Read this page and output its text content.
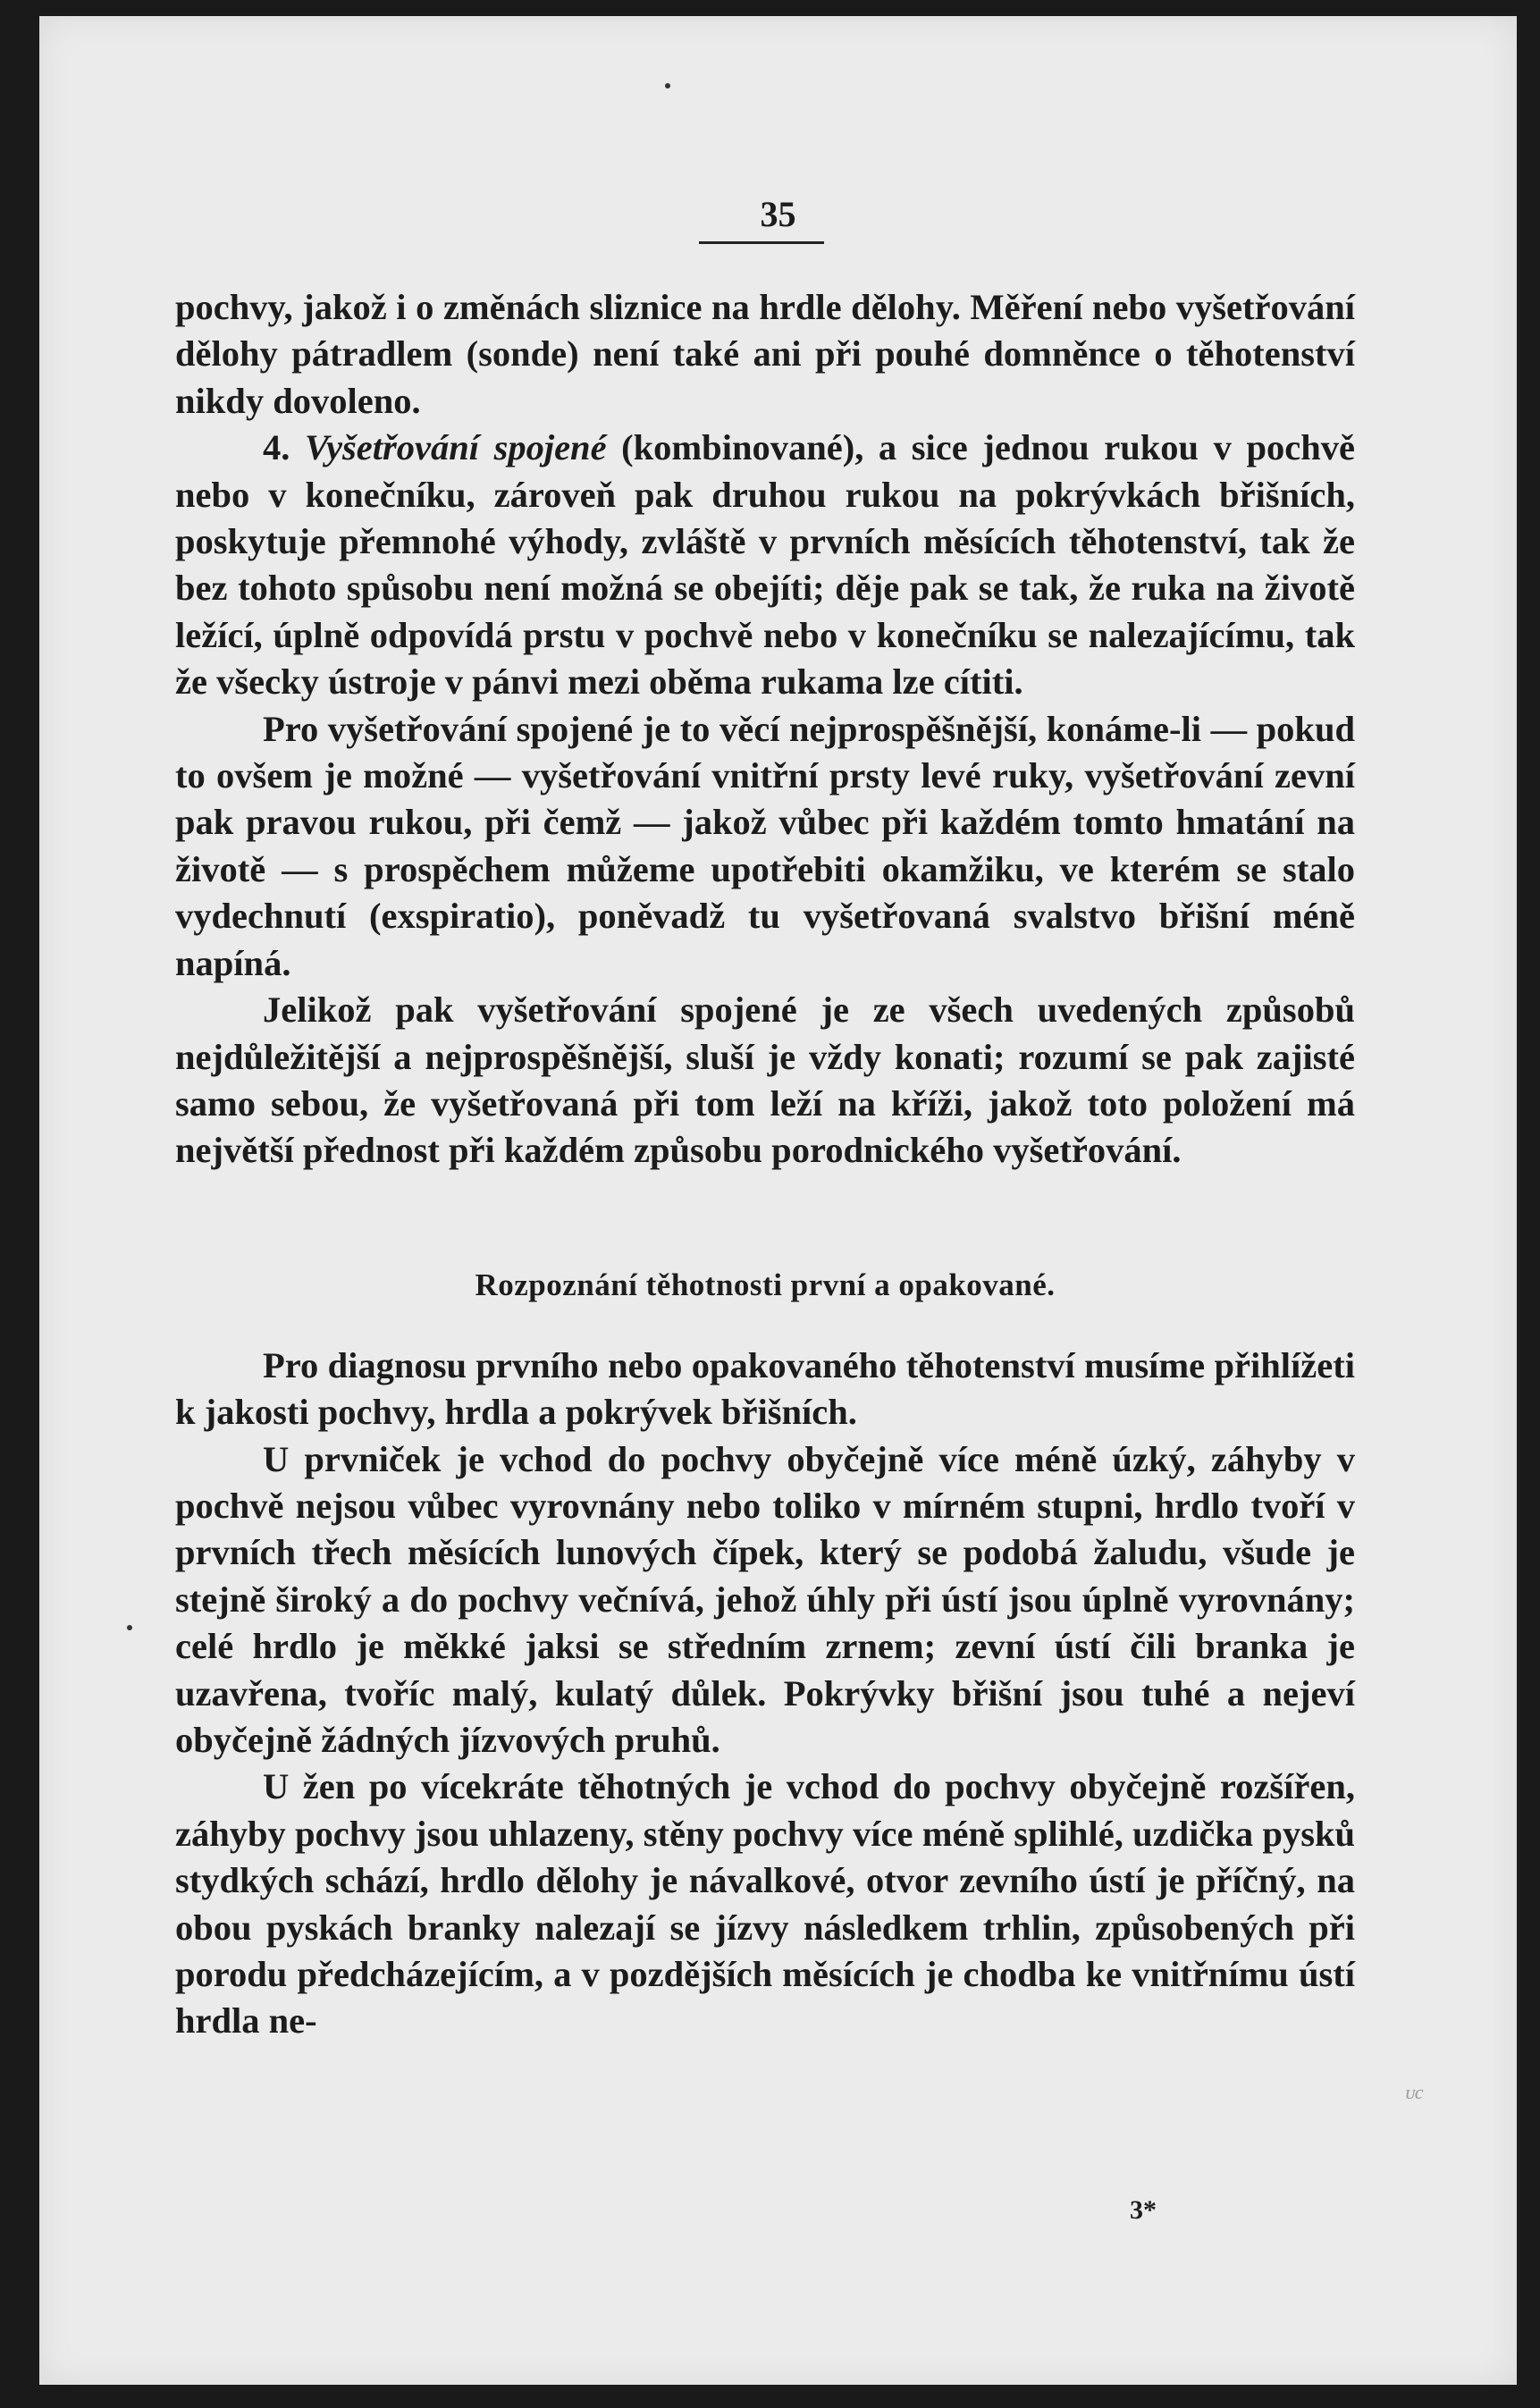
35

pochvy, jakož i o změnách sliznice na hrdle dělohy. Měření nebo vyšetřování dělohy pátradlem (sonde) není také ani při pouhé domněnce o těhotenství nikdy dovoleno.

4. Vyšetřování spojené (kombinované), a sice jednou rukou v pochvě nebo v konečníku, zároveň pak druhou rukou na pokrývkách břišních, poskytuje přemnohé výhody, zvláště v prvních měsících těhotenství, tak že bez tohoto spůsobu není možná se obejíti; děje pak se tak, že ruka na životě ležící, úplně odpovídá prstu v pochvě nebo v konečníku se nalezajícímu, tak že všecky ústroje v pánvi mezi oběma rukama lze cítiti.

Pro vyšetřování spojené je to věcí nejprospěšnější, konáme-li — pokud to ovšem je možné — vyšetřování vnitřní prsty levé ruky, vyšetřování zevní pak pravou rukou, při čemž — jakož vůbec při každém tomto hmatání na životě — s prospěchem můžeme upotřebiti okamžiku, ve kterém se stalo vydechnutí (exspiratio), poněvadž tu vyšetřovaná svalstvo břišní méně napíná.

Jelikož pak vyšetřování spojené je ze všech uvedených způsobů nejdůležitější a nejprospěšnější, sluší je vždy konati; rozumí se pak zajisté samo sebou, že vyšetřovaná při tom leží na kříži, jakož toto položení má největší přednost při každém způsobu porodnického vyšetřování.

Rozpoznání těhotnosti první a opakované.

Pro diagnosu prvního nebo opakovaného těhotenství musíme přihlížeti k jakosti pochvy, hrdla a pokrývek břišních.

U prvniček je vchod do pochvy obyčejně více méně úzký, záhyby v pochvě nejsou vůbec vyrovnány nebo toliko v mírném stupni, hrdlo tvoří v prvních třech měsících lunových čípek, který se podobá žaludu, všude je stejně široký a do pochvy večnívá, jehož úhly při ústí jsou úplně vyrovnány; celé hrdlo je měkké jaksi se středním zrnem; zevní ústí čili branka je uzavřena, tvoříc malý, kulatý důlek. Pokrývky břišní jsou tuhé a nejeví obyčejně žádných jízvových pruhů.

U žen po vícekráte těhotných je vchod do pochvy obyčejně rozšířen, záhyby pochvy jsou uhlazeny, stěny pochvy více méně splihlé, uzdička pysků stydkých schází, hrdlo dělohy je návalkové, otvor zevního ústí je příčný, na obou pyskách branky nalezají se jízvy následkem trhlin, způsobených při porodu předcházejícím, a v pozdějších měsících je chodba ke vnitřnímu ústí hrdla ne-

3*
ᴜc
